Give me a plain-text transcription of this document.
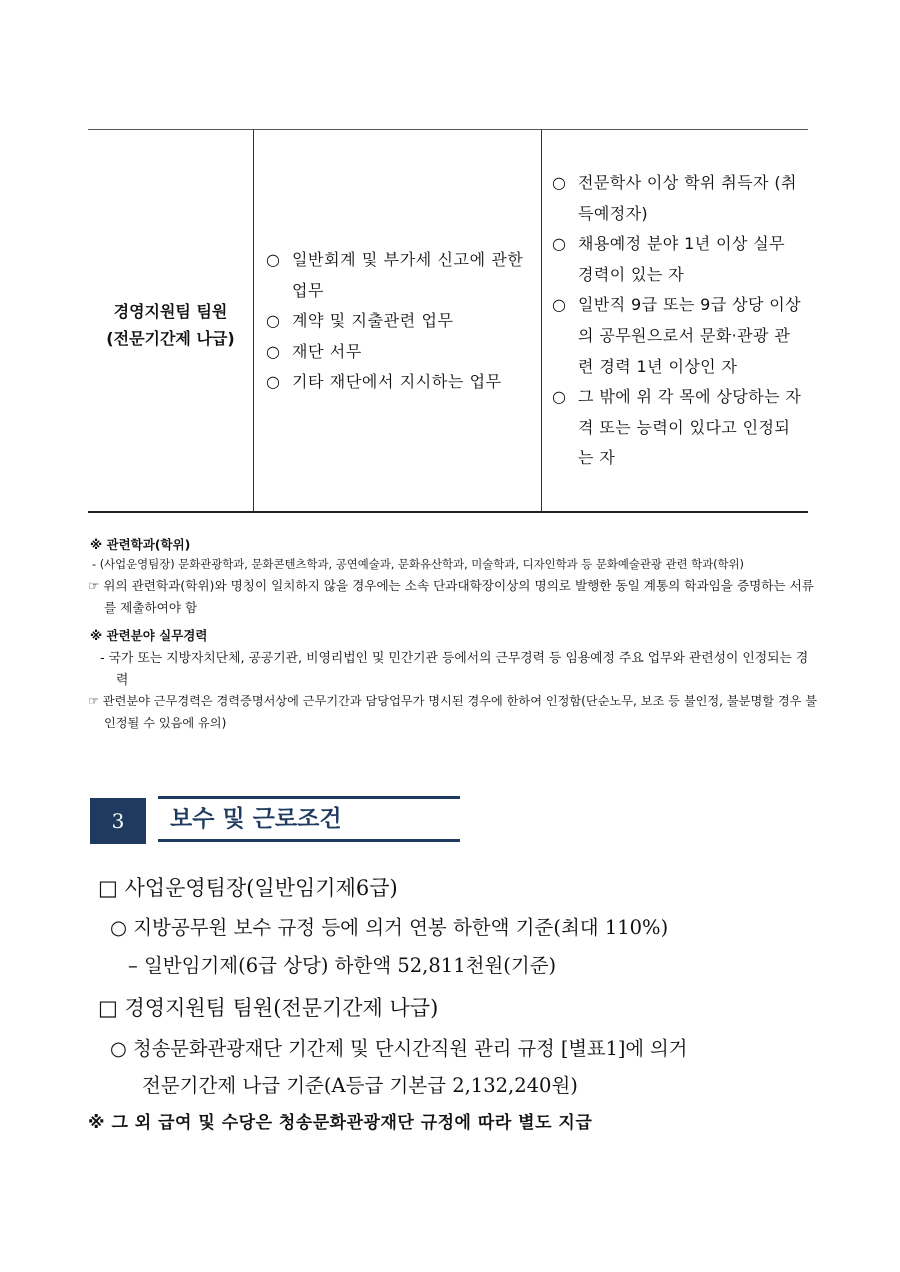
경영지원팀 팀원
(전문기간제 나급)
○ 일반회계 및 부가세 신고에 관한 업무
○ 계약 및 지출관련 업무
○ 재단 서무
○ 기타 재단에서 지시하는 업무
○ 전문학사 이상 학위 취득자 (취득예정자)
○ 채용예정 분야 1년 이상 실무 경력이 있는 자
○ 일반직 9급 또는 9급 상당 이상의 공무원으로서 문화·관광 관련 경력 1년 이상인 자
○ 그 밖에 위 각 목에 상당하는 자격 또는 능력이 있다고 인정되는 자
※ 관련학과(학위)
- (사업운영팀장) 문화관광학과, 문화콘텐츠학과, 공연예술과, 문화유산학과, 미술학과, 디자인학과 등 문화예술관광 관련 학과(학위)
☞ 위의 관련학과(학위)와 명칭이 일치하지 않을 경우에는 소속 단과대학장이상의 명의로 발행한 동일 계통의 학과임을 증명하는 서류를 제출하여야 함
※ 관련분야 실무경력
- 국가 또는 지방자치단체, 공공기관, 비영리법인 및 민간기관 등에서의 근무경력 등 임용예정 주요 업무와 관련성이 인정되는 경력
☞ 관련분야 근무경력은 경력증명서상에 근무기간과 담당업무가 명시된 경우에 한하여 인정함(단순노무, 보조 등 불인정, 불분명할 경우 불인정될 수 있음에 유의)
3	보수 및 근로조건
□ 사업운영팀장(일반임기제6급)
○ 지방공무원 보수 규정 등에 의거 연봉 하한액 기준(최대 110%)
– 일반임기제(6급 상당) 하한액 52,811천원(기준)
□ 경영지원팀 팀원(전문기간제 나급)
○ 청송문화관광재단 기간제 및 단시간직원 관리 규정 [별표1]에 의거
전문기간제 나급 기준(A등급 기본급 2,132,240원)
※ 그 외 급여 및 수당은 청송문화관광재단 규정에 따라 별도 지급
